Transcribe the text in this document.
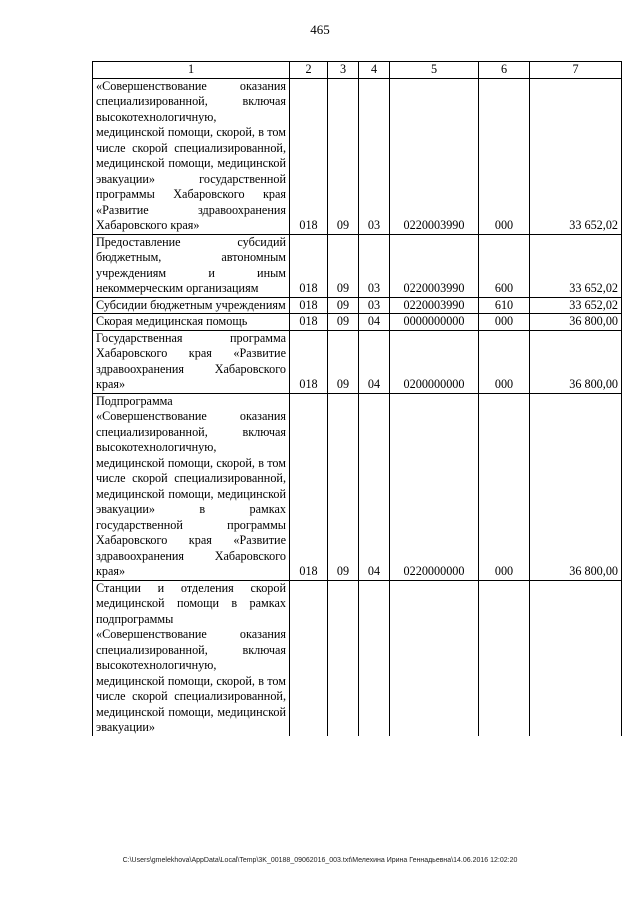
465
1	2	3	4	5	6	7

«Совершенствование оказания специализированной, включая высокотехнологичную, медицинской помощи, скорой, в том числе скорой специализированной, медицинской помощи, медицинской эвакуации» государственной программы Хабаровского края «Развитие здравоохранения Хабаровского края»	018	09	03	0220003990	000	33 652,02

Предоставление субсидий бюджетным, автономным учреждениям и иным некоммерческим организациям	018	09	03	0220003990	600	33 652,02

Субсидии бюджетным учреждениям	018	09	03	0220003990	610	33 652,02

Скорая медицинская помощь	018	09	04	0000000000	000	36 800,00

Государственная программа Хабаровского края «Развитие здравоохранения Хабаровского края»	018	09	04	0200000000	000	36 800,00

Подпрограмма «Совершенствование оказания специализированной, включая высокотехнологичную, медицинской помощи, скорой, в том числе скорой специализированной, медицинской помощи, медицинской эвакуации» в рамках государственной программы Хабаровского края «Развитие здравоохранения Хабаровского края»	018	09	04	0220000000	000	36 800,00

Станции и отделения скорой медицинской помощи в рамках подпрограммы «Совершенствование оказания специализированной, включая высокотехнологичную, медицинской помощи, скорой, в том числе скорой специализированной, медицинской помощи, медицинской эвакуации»						

C:\Users\gmelekhova\AppData\Local\Temp\3K_00188_09062016_003.txt\Мелехина Ирина Геннадьевна\14.06.2016 12:02:20
